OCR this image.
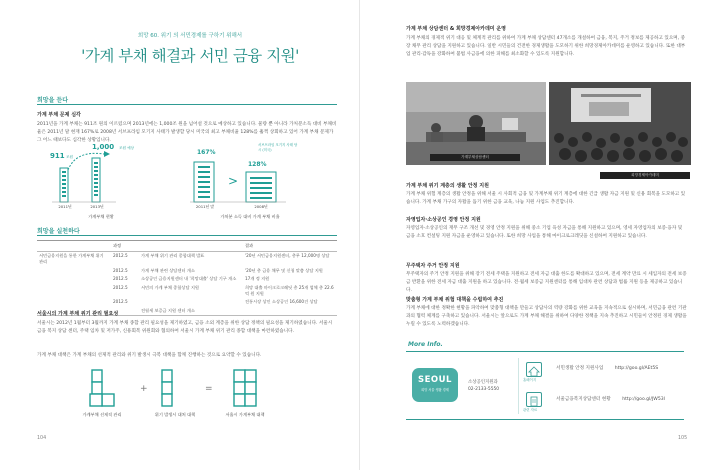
희망 60. 위기 의 서민경제를 구하기 위해서
'가계 부채 해결과 서민 금융 지원'
희망을 듣다
가계 부채 문제 심각
2011년을 가계 부채는 911조 원의 이르렀으며 2013년에는 1,000조 원을 넘어설 것으로 예상하고 있습니다. 물량 뿐 아니라 가처분소득 대비 부채비율은 2011년 말 현재 167%로 2008년 서브프라임 모기지 사태가 발생할 당시 미국의 최고 부채비율 128%를 훌쩍 상회하고 있어 가계 부채 문제가 그 어느 때보다도 심각한 상황입니다.
911 조원
1,000 조원 예상
2011년	2013년
가계부채 현황
>
167%
128%
서브프라임 모기지 사태 당시 (미국)
2011년 말	2008년
가처분 소득 대비 가계 부채 비율
희망을 실천하다
	과정		결과
서민금융지원을 통한 가계부채 위기 관리	2012.5	가계 부채 위기 관리 종합대책 발표	'20년 서민금융지원센터, 총무 12,000명 상담
	2012.5	가계 부채 관련 상담센터 개소	'20년 총 금융 채무 및 신청 맞춤 상담 지원
	2012.5	소상공인 금융지원센터 내 '희망대출' 상담 기구 개소	17개 정 지원
	2012.5	서민의 가계 부채 종합상담 지원	희망 대출 마이크로크레딧 총 25개 업체 총 22.6억 원 지원
	2012.5		전통시장 상인 소상공인 16,600건 상담
		전월세 보증금 지원 센터 개소	
서울시의 가계 부채 위기 관리 필요성
서울시는 2012년 1월부터 3월까지 가계 부채 종합 관리 필요성을 제기하였고, 금융 소외 계층을 위한 상담 정책의 필요성을 제기하였습니다. 서울시 금융 복지 상담 센터, 주택 임차 및 저가주, 신용회복 위원회와 협의하여 서울시 가계 부채 위기 관리 종합 대책을 마련하였습니다.
가계 부채 대책은 가계 부채의 선제적 관리와 위기 발생시 극복 대책을 함께 진행하는 것으로 요약할 수 있습니다.
+	=
가계부채 선제적 관리	위기 발생시 대처 대책	서울시 가계부채 대책
104
가계 부채 상담센터 & 희망경제아카데미 운영
가계 부채의 경제적 위기 대응 및 체계적 관리를 위하여 가계 부채 상담센터 47개소를 개설하여 금융, 복지, 주거 정보를 제공하고 있으며, 중장 채무 관리 상담을 지원하고 있습니다. 일반 시민들의 건전한 경제생활을 도모하기 위한 희망경제아카데미를 운영하고 있습니다. 또한 대부업 관리·감독을 강화하여 불법 사금융에 의한 피해를 최소화할 수 있도록 지원합니다.
가계부채상담센터
희망경제아카데미
가계 부채 위기 계층의 생활 안정 지원
가계 부채 위험 계층의 생활 안정을 위해 서울 시 사회적 금융 및 가계부채 위기 계층에 대한 긴급 생활 자금 지원 및 신용 회복을 도모하고 있습니다. 가계 부채 가구의 자활을 돕기 위한 금융 교육, 나눔 지원 사업도 추진합니다.
자영업자·소상공인 경영 안정 지원
자영업자·소상공인의 재무 구조 개선 및 경영 안정 지원을 위해 중소 기업 육성 자금을 통해 지원하고 있으며, 영세 자영업자의 보증·융자 및 금융 소호 컨설팅 지원 자금을 운영하고 있습니다. 또한 희망 사업을 통해 마이크로크레딧을 신설하여 지원하고 있습니다.
무주택자 주거 안정 지원
무주택자의 주거 안정 지원을 위해 장기 전세 주택을 지원하고 전세 자금 대출 한도를 확대하고 있으며, 전세 계약 만료 시 세입자의 전세 보증금 반환을 위한 전세 자금 대출 지원을 하고 있습니다. 전·월세 보증금 지원센터를 통해 임대차 관련 상담과 법률 지원 등을 제공하고 있습니다.
맞춤형 가계 부채 위험 대책을 수립하여 추진
가계 부채에 대한 정확한 현황을 파악하여 맞춤형 대책을 만들고 상담사의 역량 강화를 위한 교육을 지속적으로 실시하며, 서민금융 관련 기관과의 협력 체계를 구축하고 있습니다. 서울시는 앞으로도 가계 부채 해결을 위하여 다양한 정책을 지속 추진하고 시민들이 안정된 경제 생활을 누릴 수 있도록 노력하겠습니다.
More Info.
SEOUL
희망 서울 생활 경제
소상공인지원과
02-2133-5550
홈페이지
서민생활 안정 지원사업 http://goo.gl/AEt5S
관련 자료
서울금융복지상담센터 현황 http://goo.gl/JW53l
105
